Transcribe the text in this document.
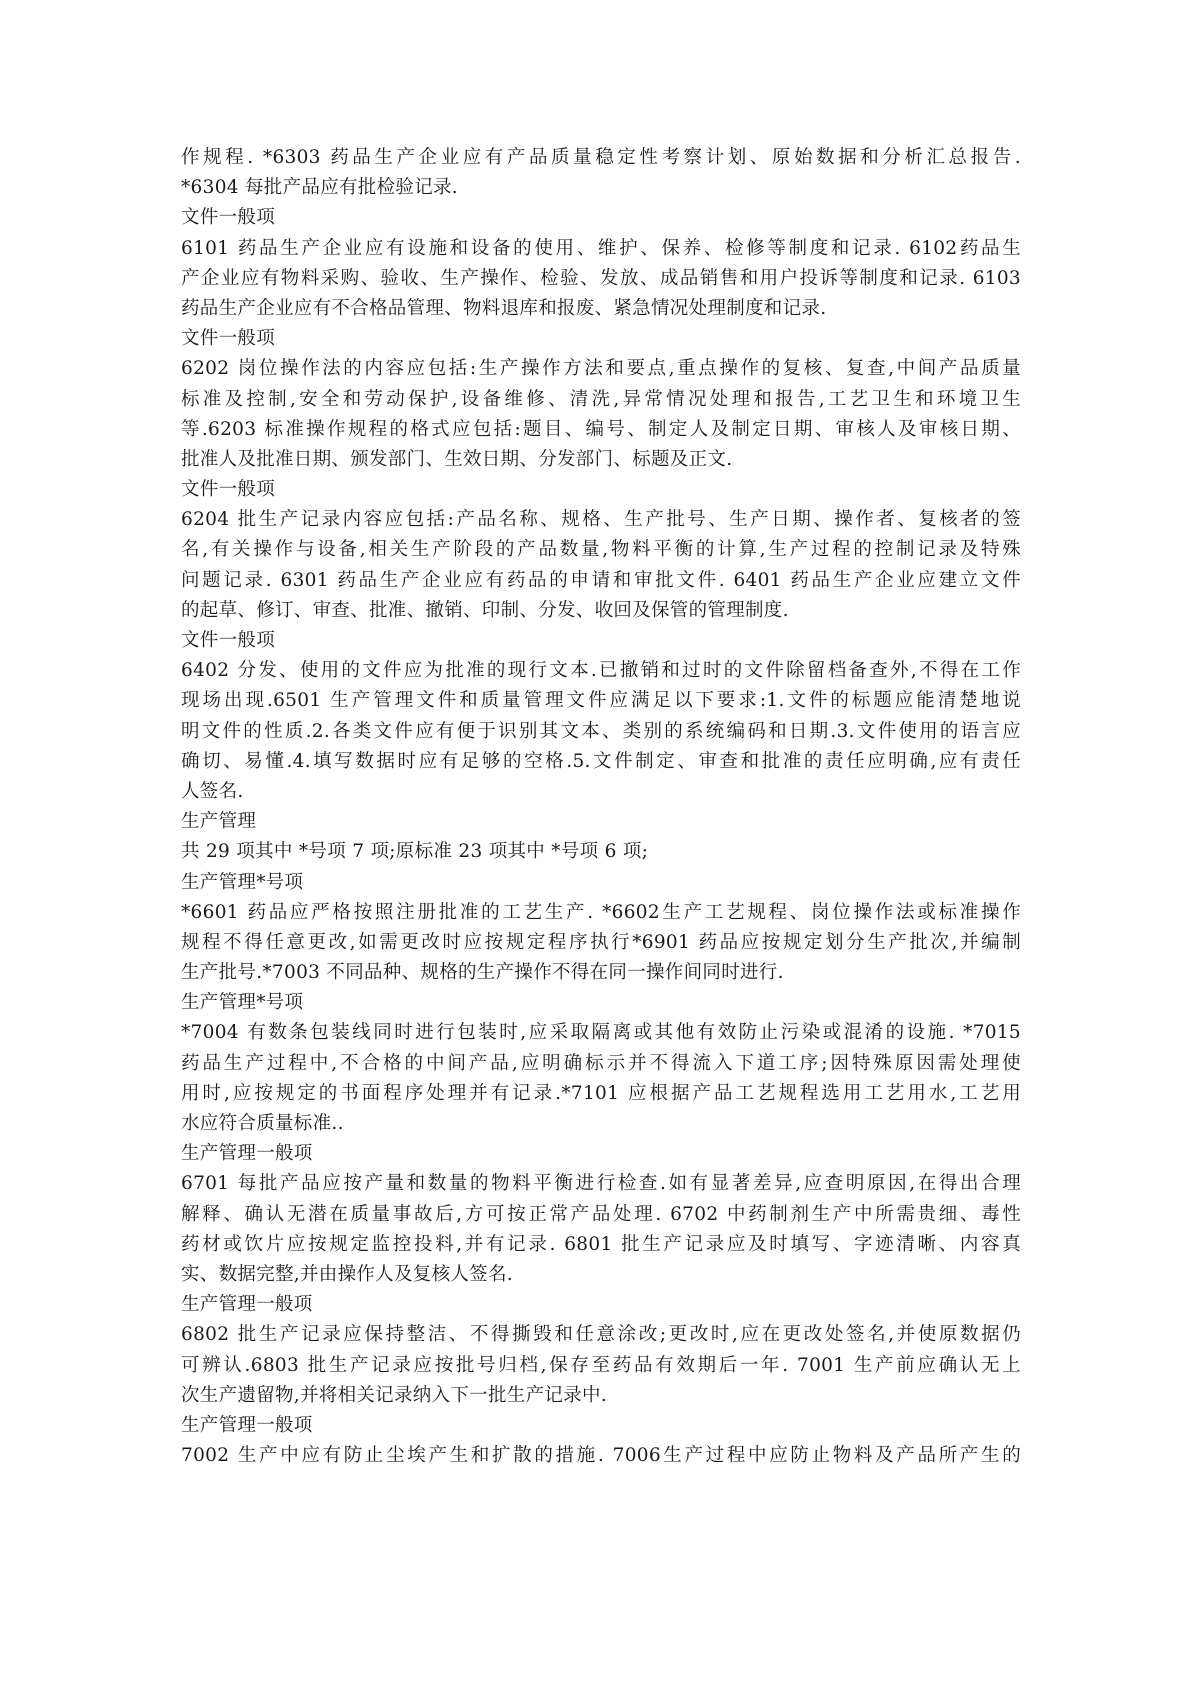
作规程. *6303 药品生产企业应有产品质量稳定性考察计划、原始数据和分析汇总报告.
*6304 每批产品应有批检验记录.
文件一般项
6101 药品生产企业应有设施和设备的使用、维护、保养、检修等制度和记录. 6102药品生
产企业应有物料采购、验收、生产操作、检验、发放、成品销售和用户投诉等制度和记录. 6103
药品生产企业应有不合格品管理、物料退库和报废、紧急情况处理制度和记录.
文件一般项
6202 岗位操作法的内容应包括:生产操作方法和要点,重点操作的复核、复查,中间产品质量
标准及控制,安全和劳动保护,设备维修、清洗,异常情况处理和报告,工艺卫生和环境卫生
等.6203 标准操作规程的格式应包括:题目、编号、制定人及制定日期、审核人及审核日期、
批准人及批准日期、颁发部门、生效日期、分发部门、标题及正文.
文件一般项
6204 批生产记录内容应包括:产品名称、规格、生产批号、生产日期、操作者、复核者的签
名,有关操作与设备,相关生产阶段的产品数量,物料平衡的计算,生产过程的控制记录及特殊
问题记录. 6301 药品生产企业应有药品的申请和审批文件. 6401 药品生产企业应建立文件
的起草、修订、审查、批准、撤销、印制、分发、收回及保管的管理制度.
文件一般项
6402 分发、使用的文件应为批准的现行文本.已撤销和过时的文件除留档备查外,不得在工作
现场出现.6501 生产管理文件和质量管理文件应满足以下要求:1.文件的标题应能清楚地说
明文件的性质.2.各类文件应有便于识别其文本、类别的系统编码和日期.3.文件使用的语言应
确切、易懂.4.填写数据时应有足够的空格.5.文件制定、审查和批准的责任应明确,应有责任
人签名.
生产管理
共 29 项其中 *号项 7 项;原标准 23 项其中 *号项 6 项;
生产管理*号项
*6601 药品应严格按照注册批准的工艺生产. *6602生产工艺规程、岗位操作法或标准操作
规程不得任意更改,如需更改时应按规定程序执行*6901 药品应按规定划分生产批次,并编制
生产批号.*7003 不同品种、规格的生产操作不得在同一操作间同时进行.
生产管理*号项
*7004 有数条包装线同时进行包装时,应采取隔离或其他有效防止污染或混淆的设施. *7015
药品生产过程中,不合格的中间产品,应明确标示并不得流入下道工序;因特殊原因需处理使
用时,应按规定的书面程序处理并有记录.*7101 应根据产品工艺规程选用工艺用水,工艺用
水应符合质量标准..
生产管理一般项
6701 每批产品应按产量和数量的物料平衡进行检查.如有显著差异,应查明原因,在得出合理
解释、确认无潜在质量事故后,方可按正常产品处理. 6702 中药制剂生产中所需贵细、毒性
药材或饮片应按规定监控投料,并有记录. 6801 批生产记录应及时填写、字迹清晰、内容真
实、数据完整,并由操作人及复核人签名.
生产管理一般项
6802 批生产记录应保持整洁、不得撕毁和任意涂改;更改时,应在更改处签名,并使原数据仍
可辨认.6803 批生产记录应按批号归档,保存至药品有效期后一年. 7001 生产前应确认无上
次生产遗留物,并将相关记录纳入下一批生产记录中.
生产管理一般项
7002 生产中应有防止尘埃产生和扩散的措施. 7006生产过程中应防止物料及产品所产生的
